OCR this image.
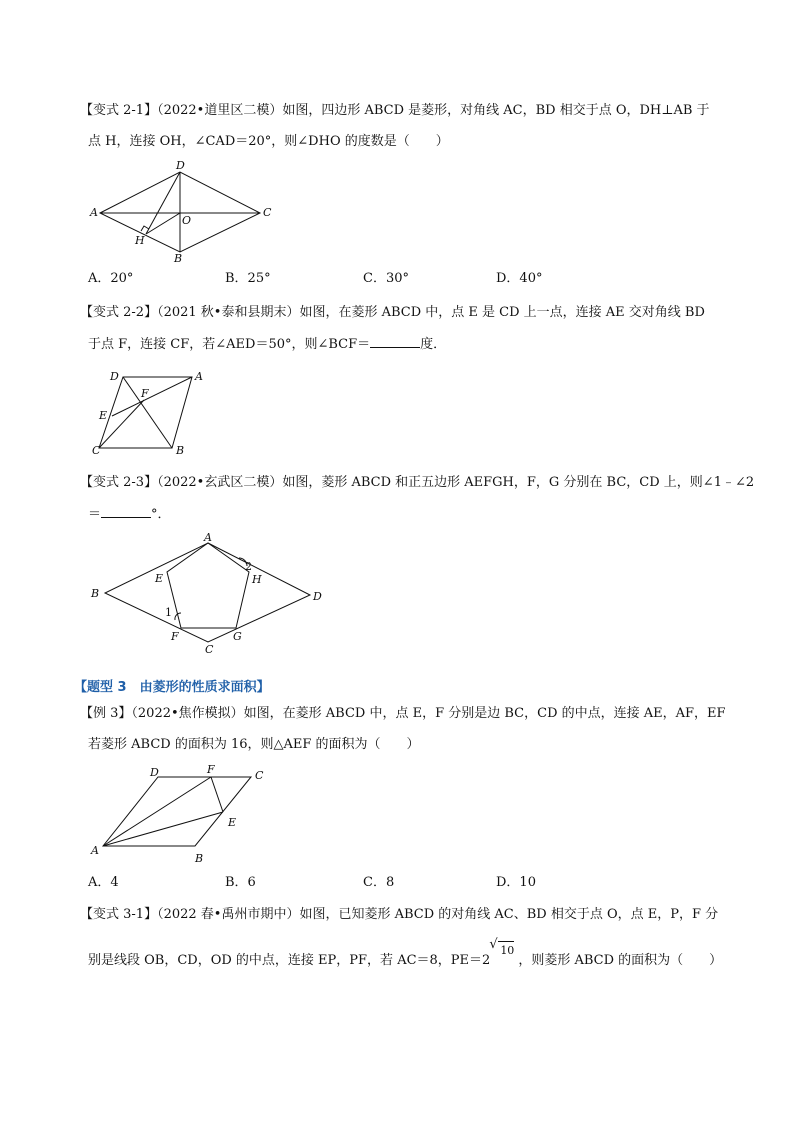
【变式 2-1】（2022•道里区二模）如图，四边形 ABCD 是菱形，对角线 AC，BD 相交于点 O，DH⊥AB 于
点 H，连接 OH，∠CAD＝20°，则∠DHO 的度数是（　　）
D
A
O
C
H
B
A．20°	B．25°	C．30°	D．40°
【变式 2-2】（2021 秋•泰和县期末）如图，在菱形 ABCD 中，点 E 是 CD 上一点，连接 AE 交对角线 BD
于点 F，连接 CF，若∠AED＝50°，则∠BCF＝	度．
D	A
F
E
C	B
【变式 2-3】（2022•玄武区二模）如图，菱形 ABCD 和正五边形 AEFGH，F，G 分别在 BC，CD 上，则∠1﹣∠2
＝	°．
A
B	D
E	H
F	G
C
1
2
【题型 3　由菱形的性质求面积】
【例 3】（2022•焦作模拟）如图，在菱形 ABCD 中，点 E，F 分别是边 BC，CD 的中点，连接 AE，AF，EF
若菱形 ABCD 的面积为 16，则△AEF 的面积为（　　）
D	F	C
E
A
B
A．4	B．6	C．8	D．10
【变式 3-1】（2022 春•禹州市期中）如图，已知菱形 ABCD 的对角线 AC、BD 相交于点 O，点 E，P，F 分
别是线段 OB，CD，OD 的中点，连接 EP，PF，若 AC＝8，PE＝2
√ 10
，则菱形 ABCD 的面积为（　　）
